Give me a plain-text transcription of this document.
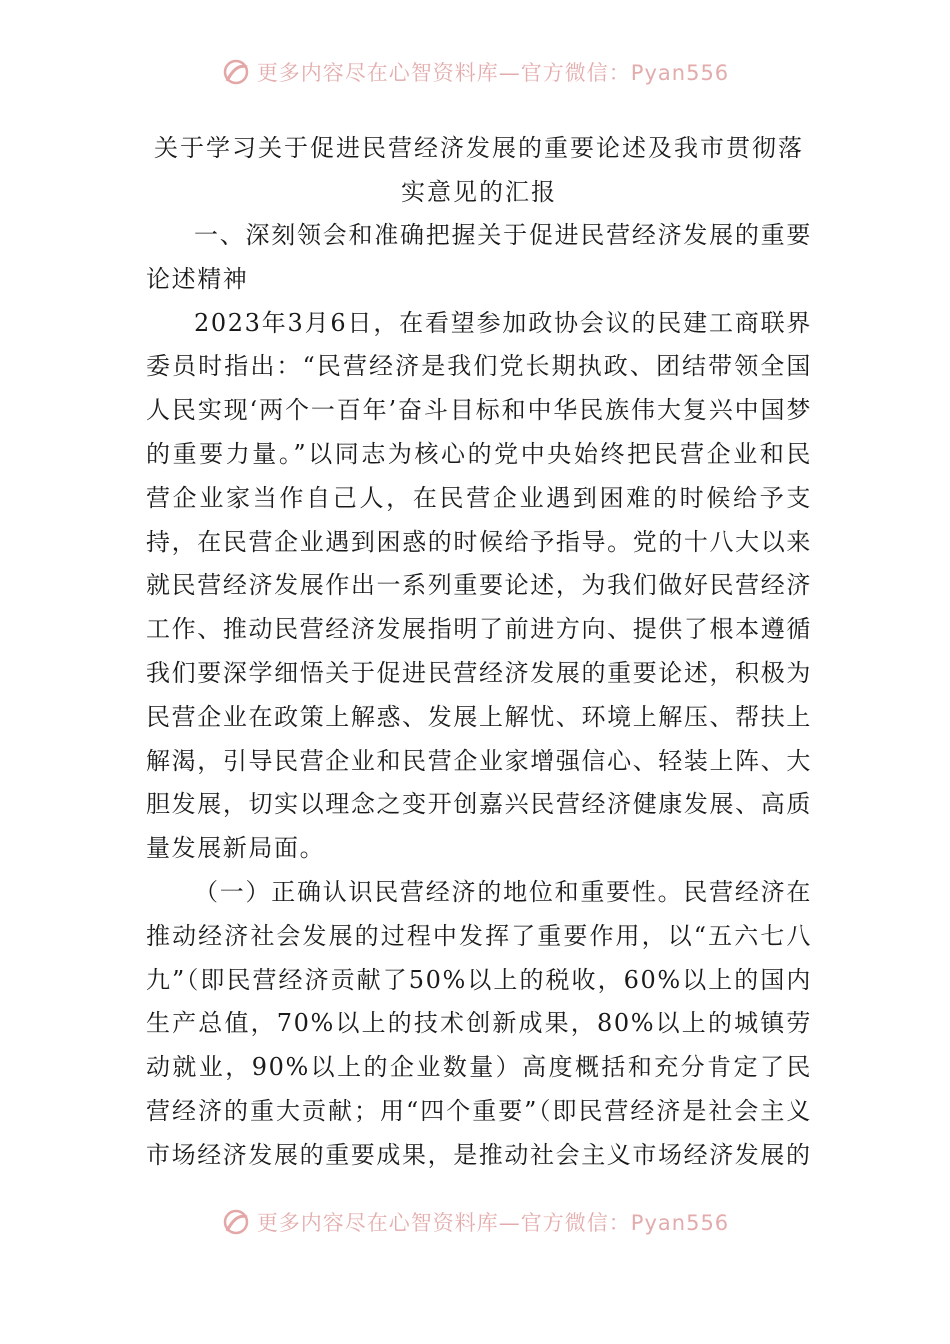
更多内容尽在心智资料库—官方微信：Pyan556
关于学习关于促进民营经济发展的重要论述及我市贯彻落实意见的汇报

一、深刻领会和准确把握关于促进民营经济发展的重要论述精神

2023年3月6日，在看望参加政协会议的民建工商联界委员时指出：“民营经济是我们党长期执政、团结带领全国人民实现‘两个一百年’奋斗目标和中华民族伟大复兴中国梦的重要力量。”以同志为核心的党中央始终把民营企业和民营企业家当作自己人，在民营企业遇到困难的时候给予支持，在民营企业遇到困惑的时候给予指导。党的十八大以来就民营经济发展作出一系列重要论述，为我们做好民营经济工作、推动民营经济发展指明了前进方向、提供了根本遵循我们要深学细悟关于促进民营经济发展的重要论述，积极为民营企业在政策上解惑、发展上解忧、环境上解压、帮扶上解渴，引导民营企业和民营企业家增强信心、轻装上阵、大胆发展，切实以理念之变开创嘉兴民营经济健康发展、高质量发展新局面。

（一）正确认识民营经济的地位和重要性。民营经济在推动经济社会发展的过程中发挥了重要作用，以“五六七八九”（即民营经济贡献了50%以上的税收，60%以上的国内生产总值，70%以上的技术创新成果，80%以上的城镇劳动就业，90%以上的企业数量）高度概括和充分肯定了民营经济的重大贡献；用“四个重要”（即民营经济是社会主义市场经济发展的重要成果，是推动社会主义市场经济发展的

更多内容尽在心智资料库—官方微信：Pyan556
